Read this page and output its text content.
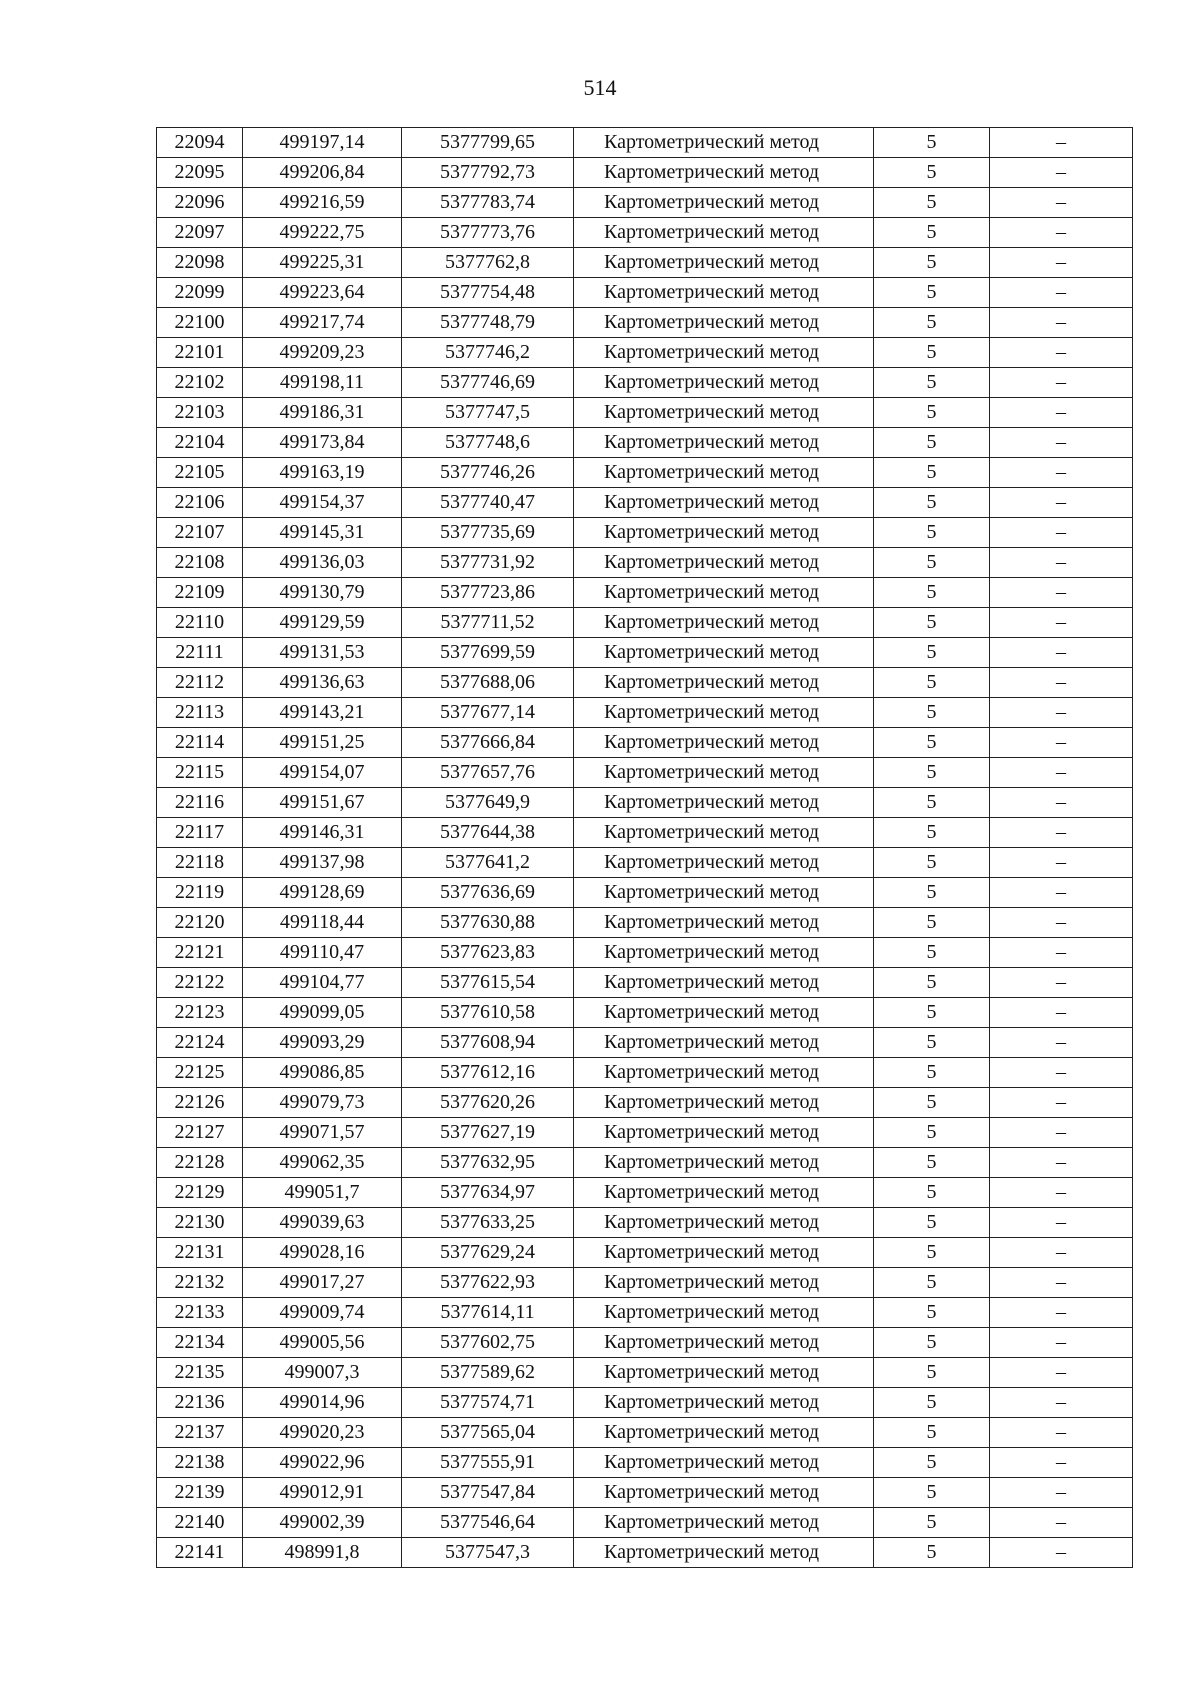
514
22094	499197,14	5377799,65	Картометрический метод	5	–
22095	499206,84	5377792,73	Картометрический метод	5	–
22096	499216,59	5377783,74	Картометрический метод	5	–
22097	499222,75	5377773,76	Картометрический метод	5	–
22098	499225,31	5377762,8	Картометрический метод	5	–
22099	499223,64	5377754,48	Картометрический метод	5	–
22100	499217,74	5377748,79	Картометрический метод	5	–
22101	499209,23	5377746,2	Картометрический метод	5	–
22102	499198,11	5377746,69	Картометрический метод	5	–
22103	499186,31	5377747,5	Картометрический метод	5	–
22104	499173,84	5377748,6	Картометрический метод	5	–
22105	499163,19	5377746,26	Картометрический метод	5	–
22106	499154,37	5377740,47	Картометрический метод	5	–
22107	499145,31	5377735,69	Картометрический метод	5	–
22108	499136,03	5377731,92	Картометрический метод	5	–
22109	499130,79	5377723,86	Картометрический метод	5	–
22110	499129,59	5377711,52	Картометрический метод	5	–
22111	499131,53	5377699,59	Картометрический метод	5	–
22112	499136,63	5377688,06	Картометрический метод	5	–
22113	499143,21	5377677,14	Картометрический метод	5	–
22114	499151,25	5377666,84	Картометрический метод	5	–
22115	499154,07	5377657,76	Картометрический метод	5	–
22116	499151,67	5377649,9	Картометрический метод	5	–
22117	499146,31	5377644,38	Картометрический метод	5	–
22118	499137,98	5377641,2	Картометрический метод	5	–
22119	499128,69	5377636,69	Картометрический метод	5	–
22120	499118,44	5377630,88	Картометрический метод	5	–
22121	499110,47	5377623,83	Картометрический метод	5	–
22122	499104,77	5377615,54	Картометрический метод	5	–
22123	499099,05	5377610,58	Картометрический метод	5	–
22124	499093,29	5377608,94	Картометрический метод	5	–
22125	499086,85	5377612,16	Картометрический метод	5	–
22126	499079,73	5377620,26	Картометрический метод	5	–
22127	499071,57	5377627,19	Картометрический метод	5	–
22128	499062,35	5377632,95	Картометрический метод	5	–
22129	499051,7	5377634,97	Картометрический метод	5	–
22130	499039,63	5377633,25	Картометрический метод	5	–
22131	499028,16	5377629,24	Картометрический метод	5	–
22132	499017,27	5377622,93	Картометрический метод	5	–
22133	499009,74	5377614,11	Картометрический метод	5	–
22134	499005,56	5377602,75	Картометрический метод	5	–
22135	499007,3	5377589,62	Картометрический метод	5	–
22136	499014,96	5377574,71	Картометрический метод	5	–
22137	499020,23	5377565,04	Картометрический метод	5	–
22138	499022,96	5377555,91	Картометрический метод	5	–
22139	499012,91	5377547,84	Картометрический метод	5	–
22140	499002,39	5377546,64	Картометрический метод	5	–
22141	498991,8	5377547,3	Картометрический метод	5	–
